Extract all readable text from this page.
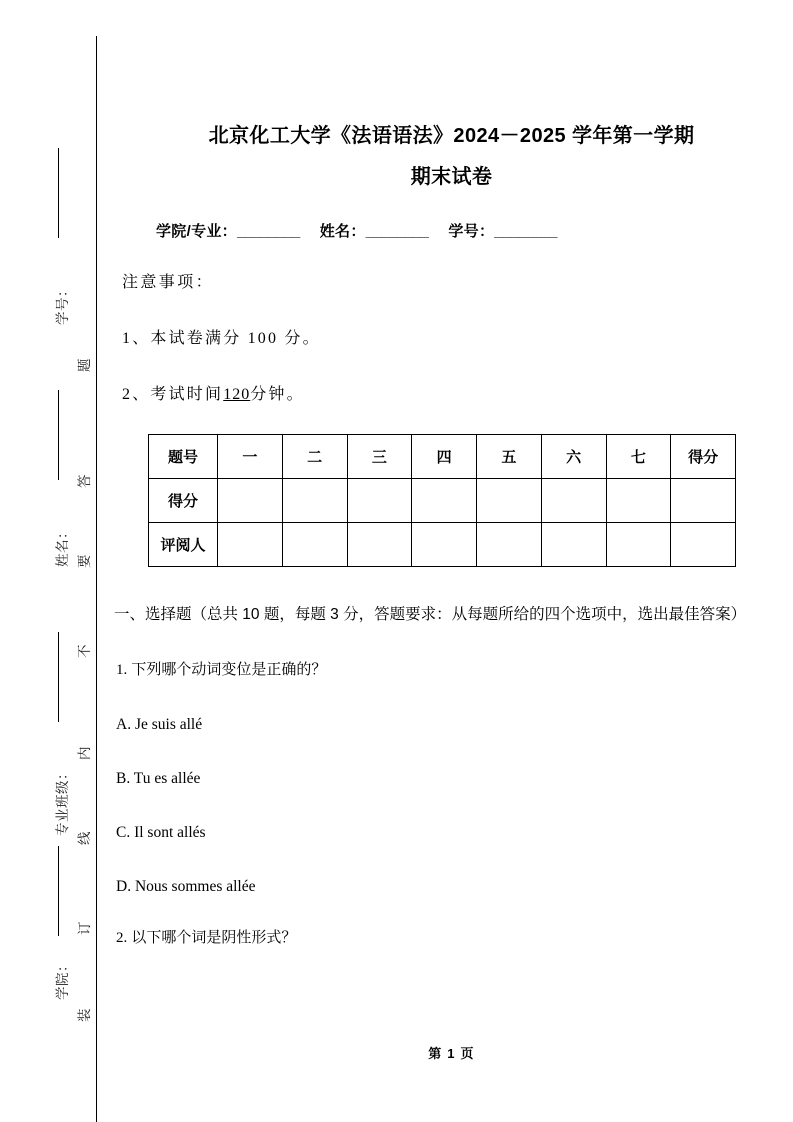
学号：
姓名：
专业班级：
学院：
题
答
要
不
内
线
订
装
北京化工大学《法语语法》2024－2025 学年第一学期
期末试卷
学院/专业：________ 姓名：________ 学号：________

注意事项：

1、本试卷满分 100 分。

2、考试时间120分钟。

题号	一	二	三	四	五	六	七	得分
得分								
评阅人								

一、选择题（总共 10 题，每题 3 分，答题要求：从每题所给的四个选项中，选出最佳答案）

1. 下列哪个动词变位是正确的？

A. Je suis allé

B. Tu es allée

C. Il sont allés

D. Nous sommes allée

2. 以下哪个词是阴性形式？

第 1 页
